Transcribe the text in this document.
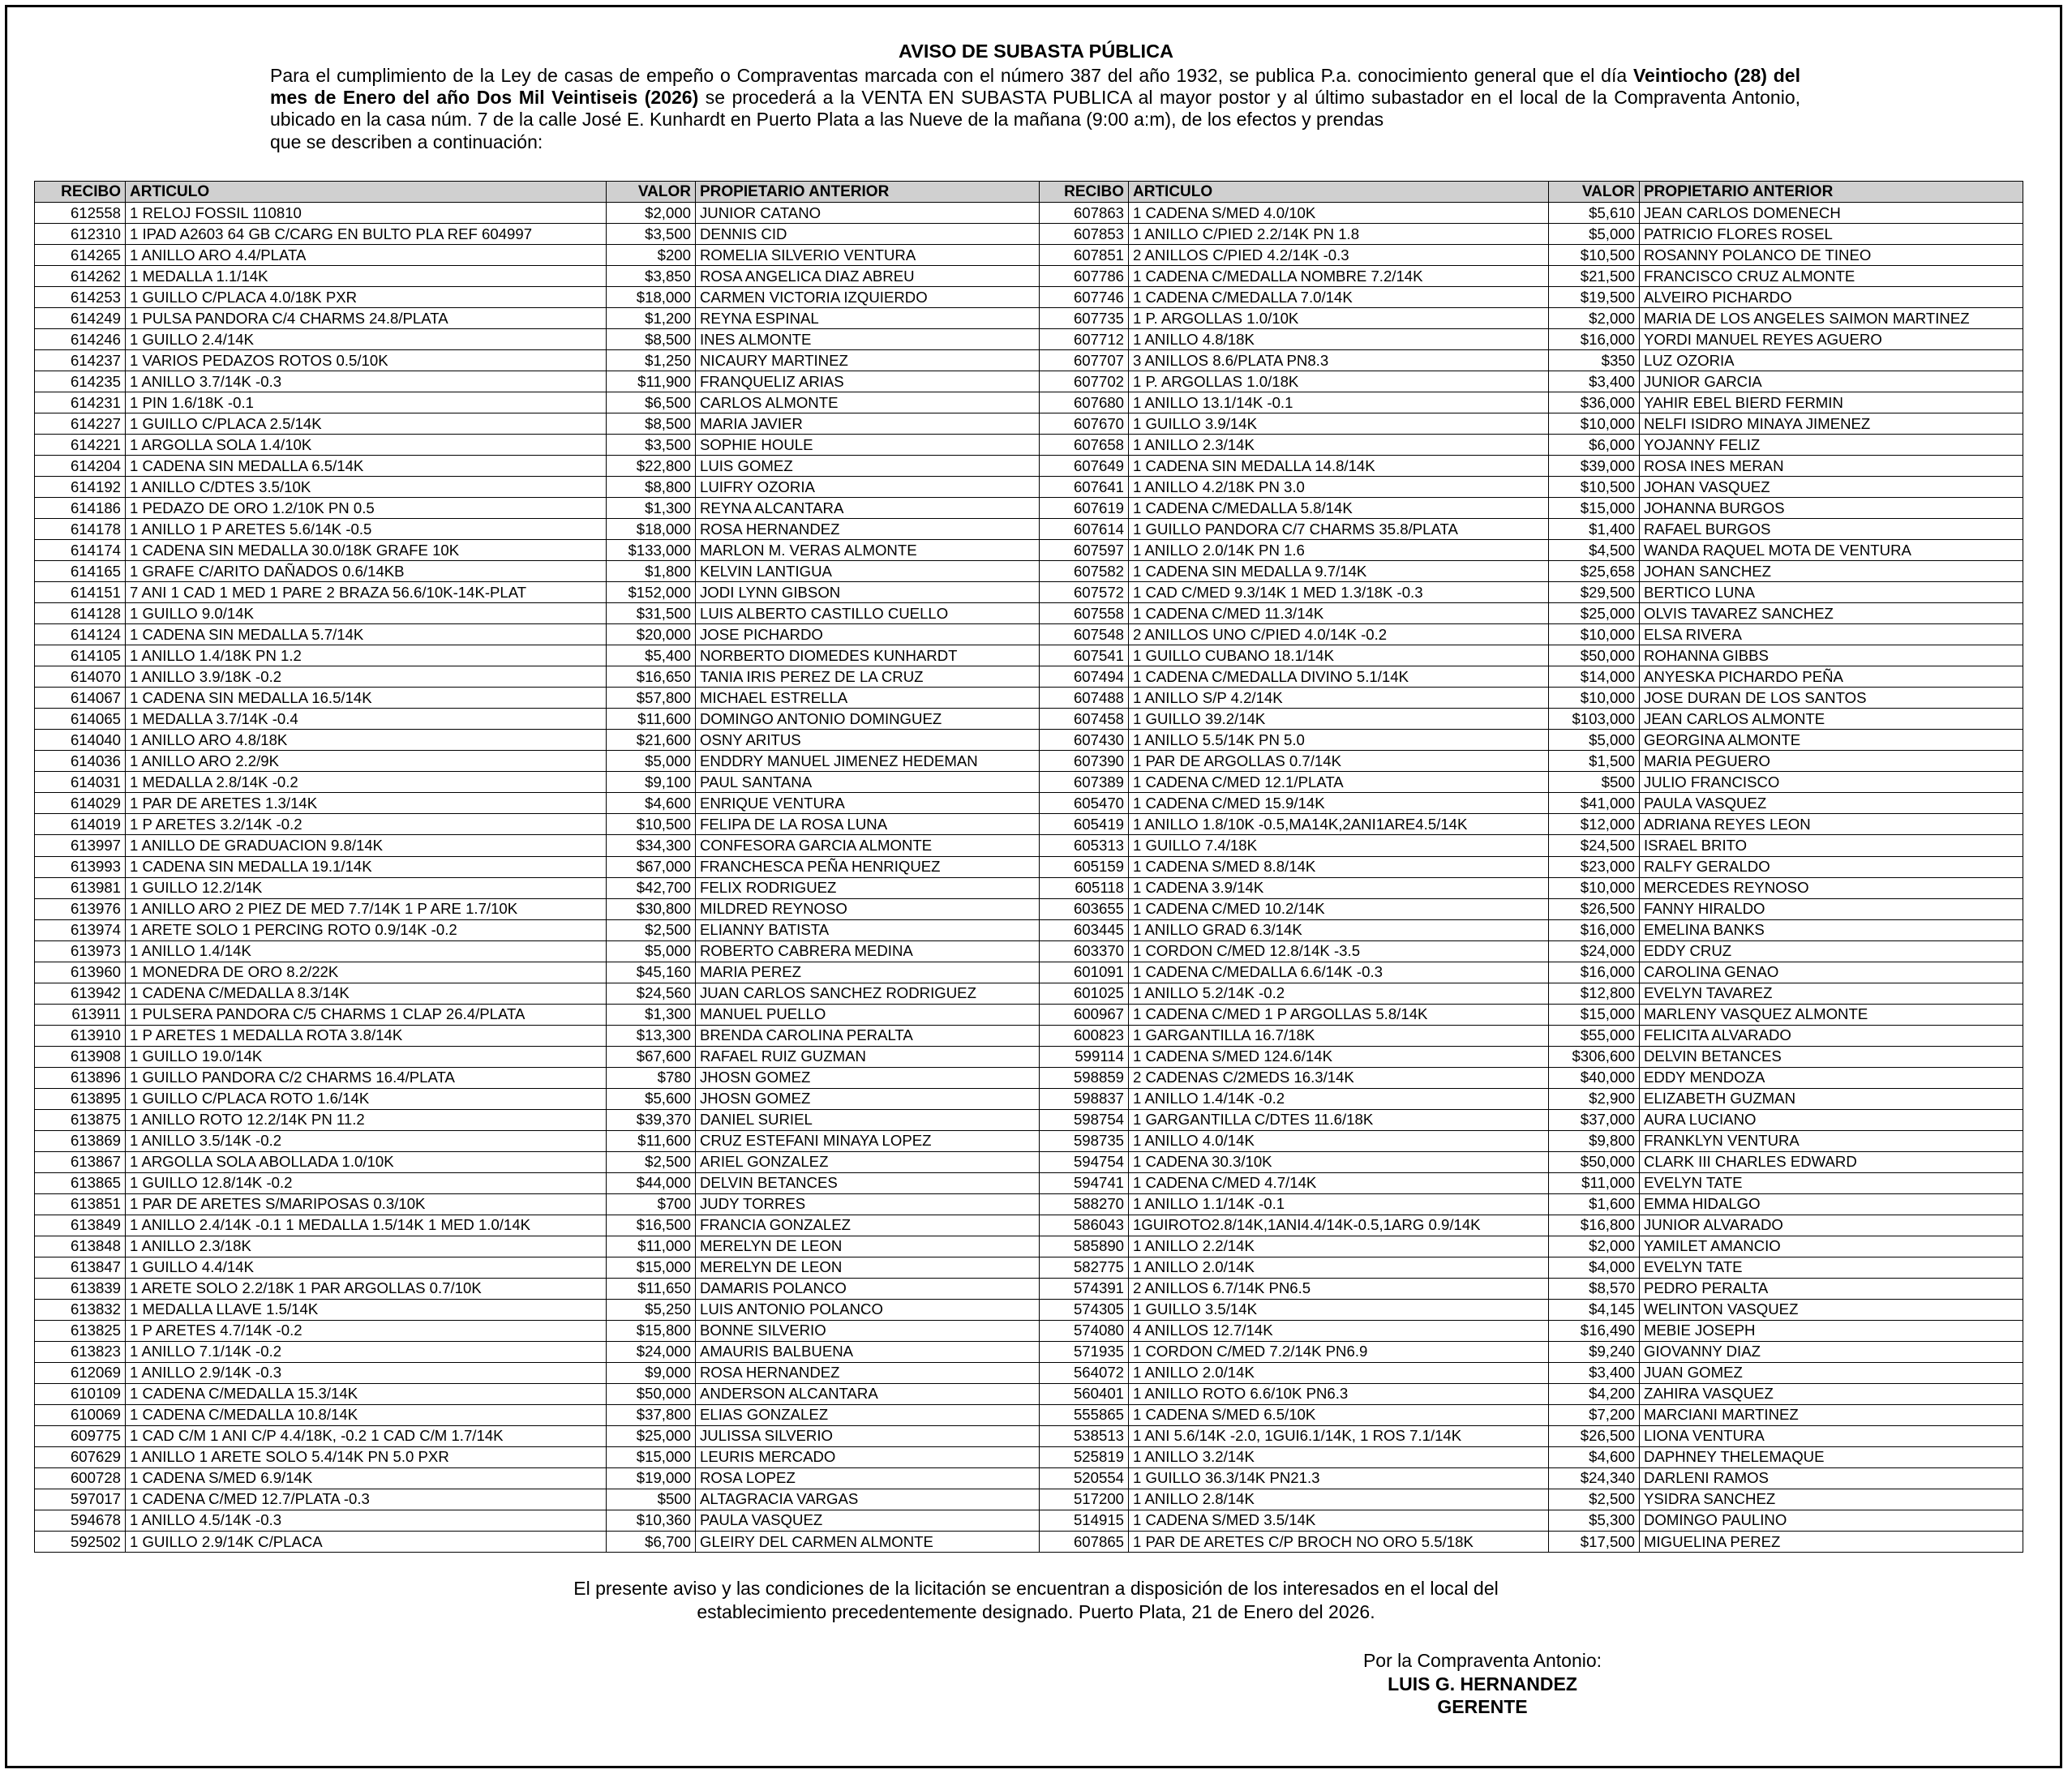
AVISO DE SUBASTA PÚBLICA
Para el cumplimiento de la Ley de casas de empeño o Compraventas marcada con el número 387 del año 1932, se publica P.a. conocimiento general que el día Veintiocho (28) del mes de Enero del año Dos Mil Veintiseis (2026) se procederá a la VENTA EN SUBASTA PUBLICA al mayor postor y al último subastador en el local de la Compraventa Antonio, ubicado en la casa núm. 7 de la calle José E. Kunhardt en Puerto Plata a las Nueve de la mañana (9:00 a:m), de los efectos y prendas
que se describen a continuación:
RECIBO	ARTICULO	VALOR	PROPIETARIO ANTERIOR	RECIBO	ARTICULO	VALOR	PROPIETARIO ANTERIOR
612558	1 RELOJ FOSSIL 110810	$2,000	JUNIOR CATANO	607863	1 CADENA S/MED 4.0/10K	$5,610	JEAN CARLOS DOMENECH
612310	1 IPAD A2603 64 GB C/CARG EN BULTO PLA REF 604997	$3,500	DENNIS CID	607853	1 ANILLO C/PIED 2.2/14K PN 1.8	$5,000	PATRICIO FLORES ROSEL
614265	1 ANILLO ARO 4.4/PLATA	$200	ROMELIA SILVERIO VENTURA	607851	2 ANILLOS C/PIED 4.2/14K -0.3	$10,500	ROSANNY POLANCO DE TINEO
614262	1 MEDALLA 1.1/14K	$3,850	ROSA ANGELICA DIAZ ABREU	607786	1 CADENA C/MEDALLA NOMBRE 7.2/14K	$21,500	FRANCISCO CRUZ ALMONTE
614253	1 GUILLO C/PLACA 4.0/18K PXR	$18,000	CARMEN VICTORIA IZQUIERDO	607746	1 CADENA C/MEDALLA 7.0/14K	$19,500	ALVEIRO PICHARDO
614249	1 PULSA PANDORA C/4 CHARMS 24.8/PLATA	$1,200	REYNA ESPINAL	607735	1 P. ARGOLLAS 1.0/10K	$2,000	MARIA DE LOS ANGELES SAIMON MARTINEZ
614246	1 GUILLO 2.4/14K	$8,500	INES ALMONTE	607712	1 ANILLO 4.8/18K	$16,000	YORDI MANUEL REYES AGUERO
614237	1 VARIOS PEDAZOS ROTOS 0.5/10K	$1,250	NICAURY MARTINEZ	607707	3 ANILLOS 8.6/PLATA PN8.3	$350	LUZ OZORIA
614235	1 ANILLO 3.7/14K -0.3	$11,900	FRANQUELIZ ARIAS	607702	1 P. ARGOLLAS 1.0/18K	$3,400	JUNIOR GARCIA
614231	1 PIN 1.6/18K -0.1	$6,500	CARLOS ALMONTE	607680	1 ANILLO 13.1/14K -0.1	$36,000	YAHIR EBEL BIERD FERMIN
614227	1 GUILLO C/PLACA 2.5/14K	$8,500	MARIA JAVIER	607670	1 GUILLO 3.9/14K	$10,000	NELFI ISIDRO MINAYA JIMENEZ
614221	1 ARGOLLA SOLA 1.4/10K	$3,500	SOPHIE HOULE	607658	1 ANILLO 2.3/14K	$6,000	YOJANNY FELIZ
614204	1 CADENA SIN MEDALLA 6.5/14K	$22,800	LUIS GOMEZ	607649	1 CADENA SIN MEDALLA 14.8/14K	$39,000	ROSA INES MERAN
614192	1 ANILLO C/DTES 3.5/10K	$8,800	LUIFRY OZORIA	607641	1 ANILLO 4.2/18K PN 3.0	$10,500	JOHAN VASQUEZ
614186	1 PEDAZO DE ORO 1.2/10K PN 0.5	$1,300	REYNA ALCANTARA	607619	1 CADENA C/MEDALLA 5.8/14K	$15,000	JOHANNA BURGOS
614178	1 ANILLO 1 P ARETES 5.6/14K -0.5	$18,000	ROSA HERNANDEZ	607614	1 GUILLO PANDORA C/7 CHARMS 35.8/PLATA	$1,400	RAFAEL BURGOS
614174	1 CADENA SIN MEDALLA 30.0/18K GRAFE 10K	$133,000	MARLON M. VERAS ALMONTE	607597	1 ANILLO 2.0/14K PN 1.6	$4,500	WANDA RAQUEL MOTA DE VENTURA
614165	1 GRAFE C/ARITO DAÑADOS 0.6/14KB	$1,800	KELVIN LANTIGUA	607582	1 CADENA SIN MEDALLA 9.7/14K	$25,658	JOHAN SANCHEZ
614151	7 ANI 1 CAD 1 MED 1 PARE 2 BRAZA 56.6/10K-14K-PLAT	$152,000	JODI LYNN GIBSON	607572	1 CAD C/MED 9.3/14K 1 MED 1.3/18K -0.3	$29,500	BERTICO LUNA
614128	1 GUILLO 9.0/14K	$31,500	LUIS ALBERTO CASTILLO CUELLO	607558	1 CADENA C/MED 11.3/14K	$25,000	OLVIS TAVAREZ SANCHEZ
614124	1 CADENA SIN MEDALLA 5.7/14K	$20,000	JOSE PICHARDO	607548	2 ANILLOS UNO C/PIED 4.0/14K -0.2	$10,000	ELSA RIVERA
614105	1 ANILLO 1.4/18K PN 1.2	$5,400	NORBERTO DIOMEDES KUNHARDT	607541	1 GUILLO CUBANO 18.1/14K	$50,000	ROHANNA GIBBS
614070	1 ANILLO 3.9/18K -0.2	$16,650	TANIA IRIS PEREZ DE LA CRUZ	607494	1 CADENA C/MEDALLA DIVINO 5.1/14K	$14,000	ANYESKA PICHARDO PEÑA
614067	1 CADENA SIN MEDALLA 16.5/14K	$57,800	MICHAEL ESTRELLA	607488	1 ANILLO S/P 4.2/14K	$10,000	JOSE DURAN DE LOS SANTOS
614065	1 MEDALLA 3.7/14K -0.4	$11,600	DOMINGO ANTONIO DOMINGUEZ	607458	1 GUILLO 39.2/14K	$103,000	JEAN CARLOS ALMONTE
614040	1 ANILLO ARO 4.8/18K	$21,600	OSNY ARITUS	607430	1 ANILLO 5.5/14K PN 5.0	$5,000	GEORGINA ALMONTE
614036	1 ANILLO ARO 2.2/9K	$5,000	ENDDRY MANUEL JIMENEZ HEDEMAN	607390	1 PAR DE ARGOLLAS 0.7/14K	$1,500	MARIA PEGUERO
614031	1 MEDALLA 2.8/14K -0.2	$9,100	PAUL SANTANA	607389	1 CADENA C/MED 12.1/PLATA	$500	JULIO FRANCISCO
614029	1 PAR DE ARETES 1.3/14K	$4,600	ENRIQUE VENTURA	605470	1 CADENA C/MED 15.9/14K	$41,000	PAULA VASQUEZ
614019	1 P ARETES 3.2/14K -0.2	$10,500	FELIPA DE LA ROSA LUNA	605419	1 ANILLO 1.8/10K -0.5,MA14K,2ANI1ARE4.5/14K	$12,000	ADRIANA REYES LEON
613997	1 ANILLO DE GRADUACION 9.8/14K	$34,300	CONFESORA GARCIA ALMONTE	605313	1 GUILLO 7.4/18K	$24,500	ISRAEL BRITO
613993	1 CADENA SIN MEDALLA 19.1/14K	$67,000	FRANCHESCA PEÑA HENRIQUEZ	605159	1 CADENA S/MED 8.8/14K	$23,000	RALFY GERALDO
613981	1 GUILLO 12.2/14K	$42,700	FELIX RODRIGUEZ	605118	1 CADENA 3.9/14K	$10,000	MERCEDES REYNOSO
613976	1 ANILLO ARO 2 PIEZ DE MED 7.7/14K 1 P ARE 1.7/10K	$30,800	MILDRED REYNOSO	603655	1 CADENA C/MED 10.2/14K	$26,500	FANNY HIRALDO
613974	1 ARETE SOLO 1 PERCING ROTO 0.9/14K -0.2	$2,500	ELIANNY BATISTA	603445	1 ANILLO GRAD 6.3/14K	$16,000	EMELINA BANKS
613973	1 ANILLO 1.4/14K	$5,000	ROBERTO CABRERA MEDINA	603370	1 CORDON C/MED 12.8/14K -3.5	$24,000	EDDY CRUZ
613960	1 MONEDRA DE ORO 8.2/22K	$45,160	MARIA PEREZ	601091	1 CADENA C/MEDALLA 6.6/14K -0.3	$16,000	CAROLINA GENAO
613942	1 CADENA C/MEDALLA 8.3/14K	$24,560	JUAN CARLOS SANCHEZ RODRIGUEZ	601025	1 ANILLO 5.2/14K -0.2	$12,800	EVELYN TAVAREZ
613911	1 PULSERA PANDORA C/5 CHARMS 1 CLAP 26.4/PLATA	$1,300	MANUEL PUELLO	600967	1 CADENA C/MED 1 P ARGOLLAS 5.8/14K	$15,000	MARLENY VASQUEZ ALMONTE
613910	1 P ARETES 1 MEDALLA ROTA 3.8/14K	$13,300	BRENDA CAROLINA PERALTA	600823	1 GARGANTILLA 16.7/18K	$55,000	FELICITA ALVARADO
613908	1 GUILLO 19.0/14K	$67,600	RAFAEL RUIZ GUZMAN	599114	1 CADENA S/MED 124.6/14K	$306,600	DELVIN BETANCES
613896	1 GUILLO PANDORA C/2 CHARMS 16.4/PLATA	$780	JHOSN GOMEZ	598859	2 CADENAS C/2MEDS 16.3/14K	$40,000	EDDY MENDOZA
613895	1 GUILLO C/PLACA ROTO 1.6/14K	$5,600	JHOSN GOMEZ	598837	1 ANILLO 1.4/14K -0.2	$2,900	ELIZABETH GUZMAN
613875	1 ANILLO ROTO 12.2/14K PN 11.2	$39,370	DANIEL SURIEL	598754	1 GARGANTILLA C/DTES 11.6/18K	$37,000	AURA LUCIANO
613869	1 ANILLO 3.5/14K -0.2	$11,600	CRUZ ESTEFANI MINAYA LOPEZ	598735	1 ANILLO 4.0/14K	$9,800	FRANKLYN VENTURA
613867	1 ARGOLLA SOLA ABOLLADA 1.0/10K	$2,500	ARIEL GONZALEZ	594754	1 CADENA 30.3/10K	$50,000	CLARK III CHARLES EDWARD
613865	1 GUILLO 12.8/14K -0.2	$44,000	DELVIN BETANCES	594741	1 CADENA C/MED 4.7/14K	$11,000	EVELYN TATE
613851	1 PAR DE ARETES S/MARIPOSAS 0.3/10K	$700	JUDY TORRES	588270	1 ANILLO 1.1/14K -0.1	$1,600	EMMA HIDALGO
613849	1 ANILLO 2.4/14K -0.1 1 MEDALLA 1.5/14K 1 MED 1.0/14K	$16,500	FRANCIA GONZALEZ	586043	1GUIROTO2.8/14K,1ANI4.4/14K-0.5,1ARG 0.9/14K	$16,800	JUNIOR ALVARADO
613848	1 ANILLO 2.3/18K	$11,000	MERELYN DE LEON	585890	1 ANILLO 2.2/14K	$2,000	YAMILET AMANCIO
613847	1 GUILLO 4.4/14K	$15,000	MERELYN DE LEON	582775	1 ANILLO 2.0/14K	$4,000	EVELYN TATE
613839	1 ARETE SOLO 2.2/18K 1 PAR ARGOLLAS 0.7/10K	$11,650	DAMARIS POLANCO	574391	2 ANILLOS 6.7/14K PN6.5	$8,570	PEDRO PERALTA
613832	1 MEDALLA LLAVE 1.5/14K	$5,250	LUIS ANTONIO POLANCO	574305	1 GUILLO 3.5/14K	$4,145	WELINTON VASQUEZ
613825	1 P ARETES 4.7/14K -0.2	$15,800	BONNE SILVERIO	574080	4 ANILLOS 12.7/14K	$16,490	MEBIE JOSEPH
613823	1 ANILLO 7.1/14K -0.2	$24,000	AMAURIS BALBUENA	571935	1 CORDON C/MED 7.2/14K PN6.9	$9,240	GIOVANNY DIAZ
612069	1 ANILLO 2.9/14K -0.3	$9,000	ROSA HERNANDEZ	564072	1 ANILLO 2.0/14K	$3,400	JUAN GOMEZ
610109	1 CADENA C/MEDALLA 15.3/14K	$50,000	ANDERSON ALCANTARA	560401	1 ANILLO ROTO 6.6/10K PN6.3	$4,200	ZAHIRA VASQUEZ
610069	1 CADENA C/MEDALLA 10.8/14K	$37,800	ELIAS GONZALEZ	555865	1 CADENA S/MED 6.5/10K	$7,200	MARCIANI MARTINEZ
609775	1 CAD C/M 1 ANI C/P 4.4/18K, -0.2 1 CAD C/M 1.7/14K	$25,000	JULISSA SILVERIO	538513	1 ANI 5.6/14K -2.0, 1GUI6.1/14K, 1 ROS 7.1/14K	$26,500	LIONA VENTURA
607629	1 ANILLO 1 ARETE SOLO 5.4/14K PN 5.0 PXR	$15,000	LEURIS MERCADO	525819	1 ANILLO 3.2/14K	$4,600	DAPHNEY THELEMAQUE
600728	1 CADENA S/MED 6.9/14K	$19,000	ROSA LOPEZ	520554	1 GUILLO 36.3/14K PN21.3	$24,340	DARLENI RAMOS
597017	1 CADENA C/MED 12.7/PLATA -0.3	$500	ALTAGRACIA VARGAS	517200	1 ANILLO 2.8/14K	$2,500	YSIDRA SANCHEZ
594678	1 ANILLO 4.5/14K -0.3	$10,360	PAULA VASQUEZ	514915	1 CADENA S/MED 3.5/14K	$5,300	DOMINGO PAULINO
592502	1 GUILLO 2.9/14K C/PLACA	$6,700	GLEIRY DEL CARMEN ALMONTE	607865	1 PAR DE ARETES C/P BROCH NO ORO 5.5/18K	$17,500	MIGUELINA PEREZ
El presente aviso y las condiciones de la licitación se encuentran a disposición de los interesados en el local del
establecimiento precedentemente designado. Puerto Plata, 21 de Enero del 2026.
Por la Compraventa Antonio:
LUIS G. HERNANDEZ
GERENTE
